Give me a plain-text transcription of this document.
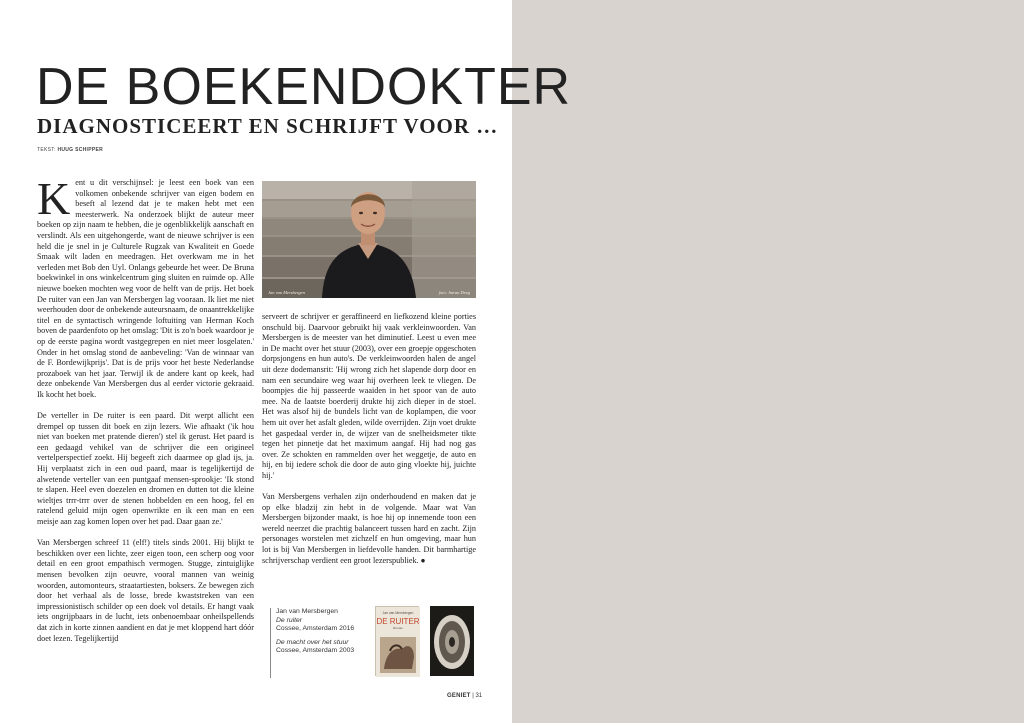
DE BOEKENDOKTER
DIAGNOSTICEERT EN SCHRIJFT VOOR …
TEKST: HUUG SCHIPPER

Kent u dit verschijnsel: je leest een boek van een volkomen onbekende schrijver van eigen bodem en beseft al lezend dat je te maken hebt met een meesterwerk. Na onderzoek blijkt de auteur meer boeken op zijn naam te hebben, die je ogenblikkelijk aanschaft en verslindt. Als een uitgehongerde, want de nieuwe schrijver is een held die je snel in je Culturele Rugzak van Kwaliteit en Goede Smaak wilt laden en meedragen. Het overkwam me in het verleden met Bob den Uyl. Onlangs gebeurde het weer. De Bruna boekwinkel in ons winkelcentrum ging sluiten en ruimde op. Alle nieuwe boeken mochten weg voor de helft van de prijs. Het boek De ruiter van een Jan van Mersbergen lag vooraan. Ik liet me niet weerhouden door de onbekende auteursnaam, de onaantrekkelijke titel en de syntactisch wringende loftuiting van Herman Koch boven de paardenfoto op het omslag: 'Dit is zo'n boek waardoor je op de eerste pagina wordt vastgegrepen en niet meer losgelaten.' Onder in het omslag stond de aanbeveling: 'Van de winnaar van de F. Bordewijkprijs'. Dat is de prijs voor het beste Nederlandse prozaboek van het jaar. Terwijl ik de andere kant op keek, had deze onbekende Van Mersbergen dus al eerder victorie gekraaid. Ik kocht het boek.

De verteller in De ruiter is een paard. Dit werpt allicht een drempel op tussen dit boek en zijn lezers. Wie afhaakt ('ik hou niet van boeken met pratende dieren') stel ik gerust. Het paard is een gedaagd vehikel van de schrijver die een origineel vertelperspectief zoekt. Hij begeeft zich daarmee op glad ijs, ja. Hij verplaatst zich in een oud paard, maar is tegelijkertijd de alwetende verteller van een puntgaaf mensen-sprookje: 'Ik stond te slapen. Heel even doezelen en dromen en dutten tot die kleine wieltjes trrr-trrr over de stenen hobbelden en een hoog, fel en ratelend geluid mijn ogen openwrikte en ik een man en een meisje aan zag komen lopen over het pad. Daar gaan ze.'

Van Mersbergen schreef 11 (elf!) titels sinds 2001. Hij blijkt te beschikken over een lichte, zeer eigen toon, een scherp oog voor detail en een groot empathisch vermogen. Stugge, zintuiglijke mensen bevolken zijn oeuvre, vooral mannen van weinig woorden, automonteurs, straatartiesten, boksers. Ze bewegen zich door het verhaal als de losse, brede kwaststreken van een impressionistisch schilder op een doek vol details. Er hangt vaak iets ongrijpbaars in de lucht, iets onbenoembaar onheilspellends dat zich in korte zinnen aandient en dat je met kloppend hart dóór doet lezen. Tegelijkertijd

Jan van Mersbergen	foto: Imran Deeg

serveert de schrijver er geraffineerd en liefkozend kleine porties onschuld bij. Daarvoor gebruikt hij vaak verkleinwoorden. Van Mersbergen is de meester van het diminutief. Leest u even mee in De macht over het stuur (2003), over een groepje opgeschoten dorpsjongens en hun auto's. De verkleinwoorden halen de angel uit deze dodemansrit: 'Hij wrong zich het slapende dorp door en nam een secundaire weg waar hij overheen leek te vliegen. De boompjes die hij passeerde waaiden in het spoor van de auto mee. Na de laatste boerderij drukte hij zich dieper in de stoel. Het was alsof hij de bundels licht van de koplampen, die voor hem uit over het asfalt gleden, wilde overrijden. Zijn voet drukte het gaspedaal verder in, de wijzer van de snelheidsmeter tikte tegen het pinnetje dat het maximum aangaf. Hij had nog gas over. Ze schokten en rammelden over het weggetje, de auto en hij, en bij iedere schok die door de auto ging vloekte hij, juichte hij.'

Van Mersbergens verhalen zijn onderhoudend en maken dat je op elke bladzij zin hebt in de volgende. Maar wat Van Mersbergen bijzonder maakt, is hoe hij op innemende toon een wereld neerzet die prachtig balanceert tussen hard en zacht. Zijn personages worstelen met zichzelf en hun omgeving, maar hun lot is bij Van Mersbergen in liefdevolle handen. Dit barmhartige schrijverschap verdient een groot lezerspubliek. ●

Jan van Mersbergen
De ruiter
Cossee, Amsterdam 2016
De macht over het stuur
Cossee, Amsterdam 2003
Jan van Mersbergen
DE RUITER
Roman
GENIET | 31
